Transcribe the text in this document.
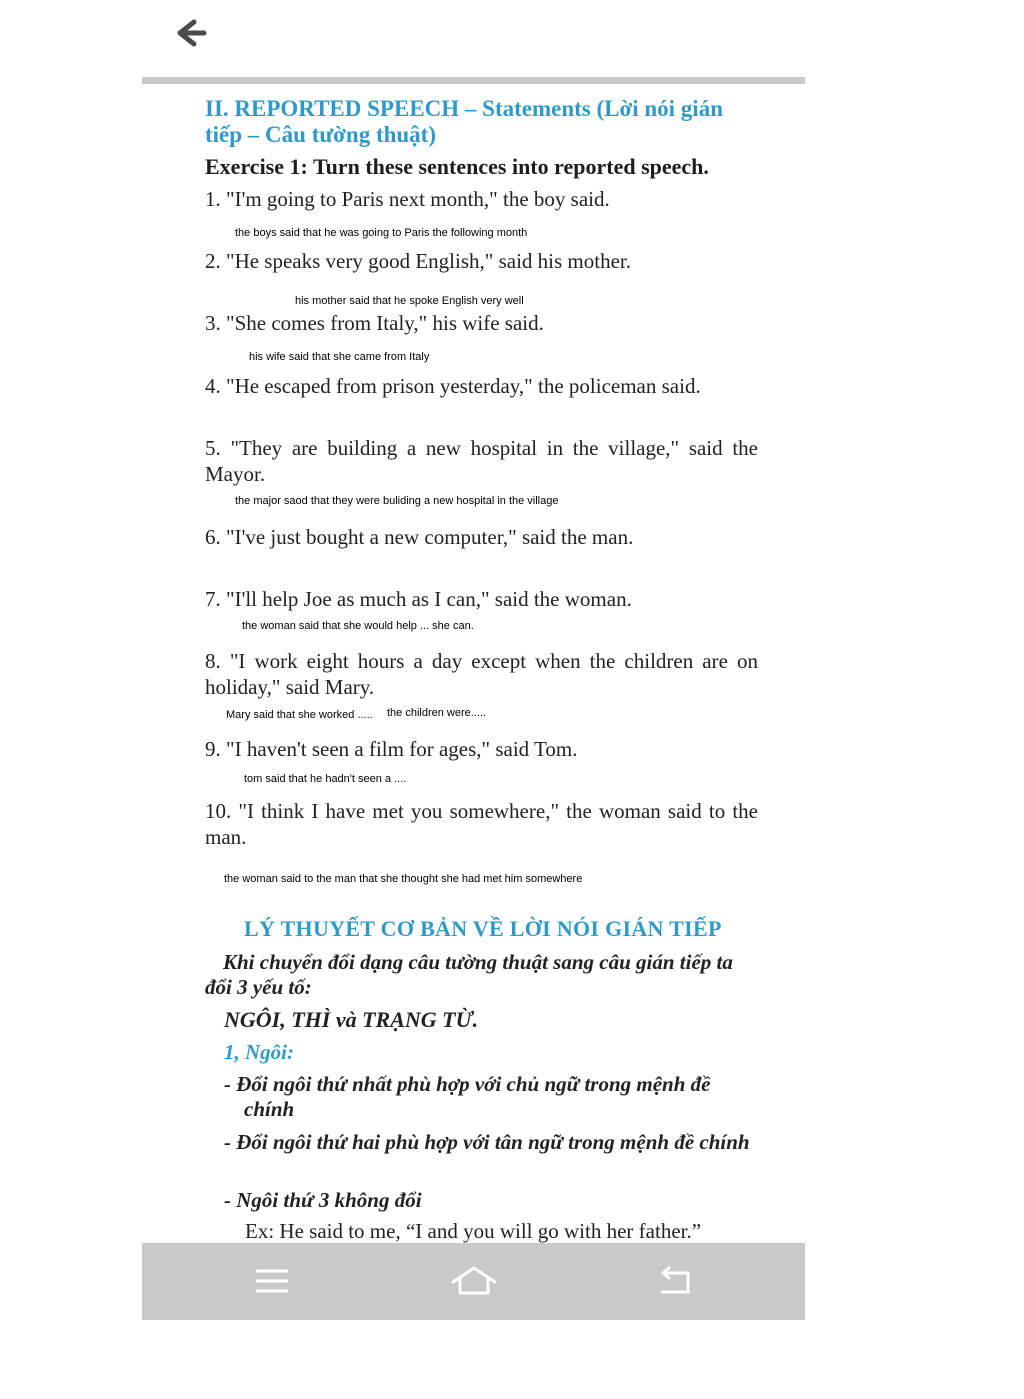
II. REPORTED SPEECH – Statements (Lời nói gián tiếp – Câu tường thuật)
Exercise 1: Turn these sentences into reported speech.
1. "I'm going to Paris next month," the boy said.
the boys said that he was going to Paris the following month
2. "He speaks very good English," said his mother.
his mother said that he spoke English very well
3. "She comes from Italy," his wife said.
his wife said that she came from Italy
4. "He escaped from prison yesterday," the policeman said.
5. "They are building a new hospital in the village," said the Mayor.
the major saod that they were buliding a new hospital in the village
6. "I've just bought a new computer," said the man.
7. "I'll help Joe as much as I can," said the woman.
the woman said that she would help ... she can.
8. "I work eight hours a day except when the children are on holiday," said Mary.
Mary said that she worked ..... the children were.....
9. "I haven't seen a film for ages," said Tom.
tom said that he hadn't seen a ....
10. "I think I have met you somewhere," the woman said to the man.
the woman said to the man that she thought she had met him somewhere
LÝ THUYẾT CƠ BẢN VỀ LỜI NÓI GIÁN TIẾP
Khi chuyển đổi dạng câu tường thuật sang câu gián tiếp ta đổi 3 yếu tố:
NGÔI, THÌ và TRẠNG TỪ.
1, Ngôi:
- Đổi ngôi thứ nhất phù hợp với chủ ngữ trong mệnh đề chính
- Đổi ngôi thứ hai phù hợp với tân ngữ trong mệnh đề chính
- Ngôi thứ 3 không đổi
Ex: He said to me, “I and you will go with her father.”
